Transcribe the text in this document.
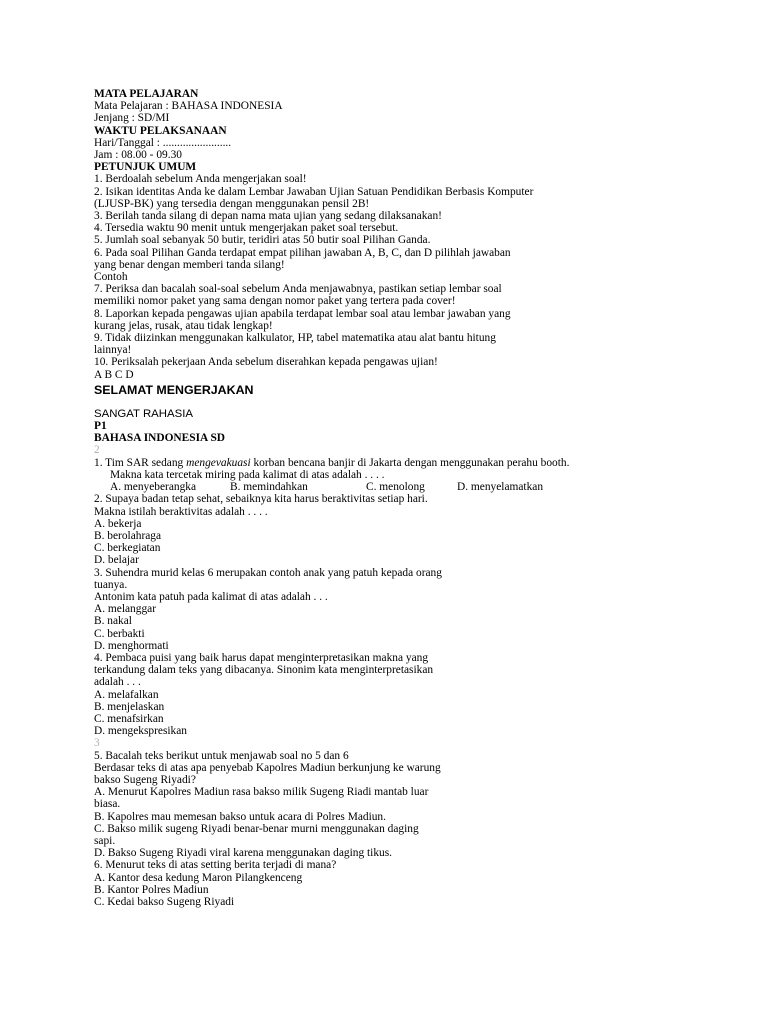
MATA PELAJARAN
Mata Pelajaran : BAHASA INDONESIA
Jenjang : SD/MI
WAKTU PELAKSANAAN
Hari/Tanggal : ........................
Jam : 08.00 - 09.30
PETUNJUK UMUM
1. Berdoalah sebelum Anda mengerjakan soal!
2. Isikan identitas Anda ke dalam Lembar Jawaban Ujian Satuan Pendidikan Berbasis Komputer
(LJUSP-BK) yang tersedia dengan menggunakan pensil 2B!
3. Berilah tanda silang di depan nama mata ujian yang sedang dilaksanakan!
4. Tersedia waktu 90 menit untuk mengerjakan paket soal tersebut.
5. Jumlah soal sebanyak 50 butir, teridiri atas 50 butir soal Pilihan Ganda.
6. Pada soal Pilihan Ganda terdapat empat pilihan jawaban A, B, C, dan D pilihlah jawaban
yang benar dengan memberi tanda silang!
Contoh
7. Periksa dan bacalah soal-soal sebelum Anda menjawabnya, pastikan setiap lembar soal
memiliki nomor paket yang sama dengan nomor paket yang tertera pada cover!
8. Laporkan kepada pengawas ujian apabila terdapat lembar soal atau lembar jawaban yang
kurang jelas, rusak, atau tidak lengkap!
9. Tidak diizinkan menggunakan kalkulator, HP, tabel matematika atau alat bantu hitung
lainnya!
10. Periksalah pekerjaan Anda sebelum diserahkan kepada pengawas ujian!
A B C D
SELAMAT MENGERJAKAN
SANGAT RAHASIA
P1
BAHASA INDONESIA SD
2
1. Tim SAR sedang mengevakuasi korban bencana banjir di Jakarta dengan menggunakan perahu booth.
Makna kata tercetak miring pada kalimat di atas adalah . . . .
A. menyeberangka	B. memindahkan	C. menolong	D. menyelamatkan
2. Supaya badan tetap sehat, sebaiknya kita harus beraktivitas setiap hari.
Makna istilah beraktivitas adalah . . . .
A. bekerja
B. berolahraga
C. berkegiatan
D. belajar
3. Suhendra murid kelas 6 merupakan contoh anak yang patuh kepada orang
tuanya.
Antonim kata patuh pada kalimat di atas adalah . . .
A. melanggar
B. nakal
C. berbakti
D. menghormati
4. Pembaca puisi yang baik harus dapat menginterpretasikan makna yang
terkandung dalam teks yang dibacanya. Sinonim kata menginterpretasikan
adalah . . .
A. melafalkan
B. menjelaskan
C. menafsirkan
D. mengekspresikan
3
5. Bacalah teks berikut untuk menjawab soal no 5 dan 6
Berdasar teks di atas apa penyebab Kapolres Madiun berkunjung ke warung
bakso Sugeng Riyadi?
A. Menurut Kapolres Madiun rasa bakso milik Sugeng Riadi mantab luar
biasa.
B. Kapolres mau memesan bakso untuk acara di Polres Madiun.
C. Bakso milik sugeng Riyadi benar-benar murni menggunakan daging
sapi.
D. Bakso Sugeng Riyadi viral karena menggunakan daging tikus.
6. Menurut teks di atas setting berita terjadi di mana?
A. Kantor desa kedung Maron Pilangkenceng
B. Kantor Polres Madiun
C. Kedai bakso Sugeng Riyadi
